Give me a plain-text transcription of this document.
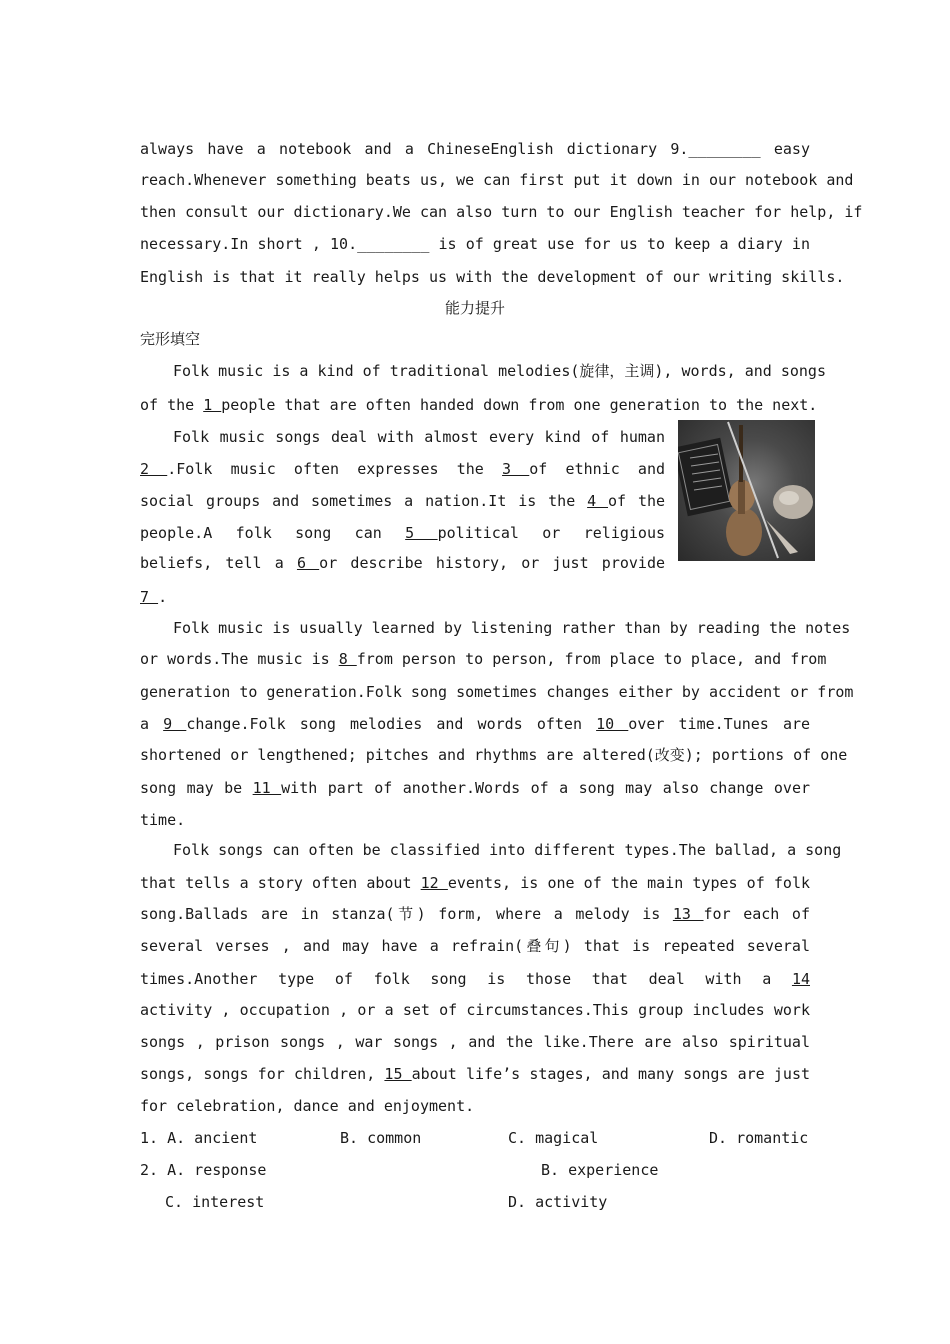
always have a notebook and a ChineseEnglish dictionary 9.________ easy
reach.Whenever something beats us, we can first put it down in our notebook and
then consult our dictionary.We can also turn to our English teacher for help, if
necessary.In short , 10.________ is of great use for us to keep a diary in
English is that it really helps us with the development of our writing skills.
能力提升
完形填空
Folk music is a kind of traditional melodies(旋律，主调), words, and songs
of the 1 people that are often handed down from one generation to the next.
Folk music songs deal with almost every kind of human
2 .Folk music often expresses the 3 of ethnic and
social groups and sometimes a nation.It is the 4 of the
people.A folk song can 5 political or religious
beliefs, tell a 6 or describe history, or just provide
7 .
Folk music is usually learned by listening rather than by reading the notes
or words.The music is 8 from person to person, from place to place, and from
generation to generation.Folk song sometimes changes either by accident or from
a 9 change.Folk song melodies and words often 10 over time.Tunes are
shortened or lengthened; pitches and rhythms are altered(改变); portions of one
song may be 11 with part of another.Words of a song may also change over
time.
Folk songs can often be classified into different types.The ballad, a song
that tells a story often about 12 events, is one of the main types of folk
song.Ballads are in stanza(节) form, where a melody is 13 for each of
several verses , and may have a refrain(叠句) that is repeated several
times.Another type of folk song is those that deal with a 14
activity , occupation , or a set of circumstances.This group includes work
songs , prison songs , war songs , and the like.There are also spiritual
songs, songs for children, 15 about life’s stages, and many songs are just
for celebration, dance and enjoyment.
1. A. ancient	B. common	C. magical	D. romantic
2. A. response	B. experience
C. interest	D. activity
